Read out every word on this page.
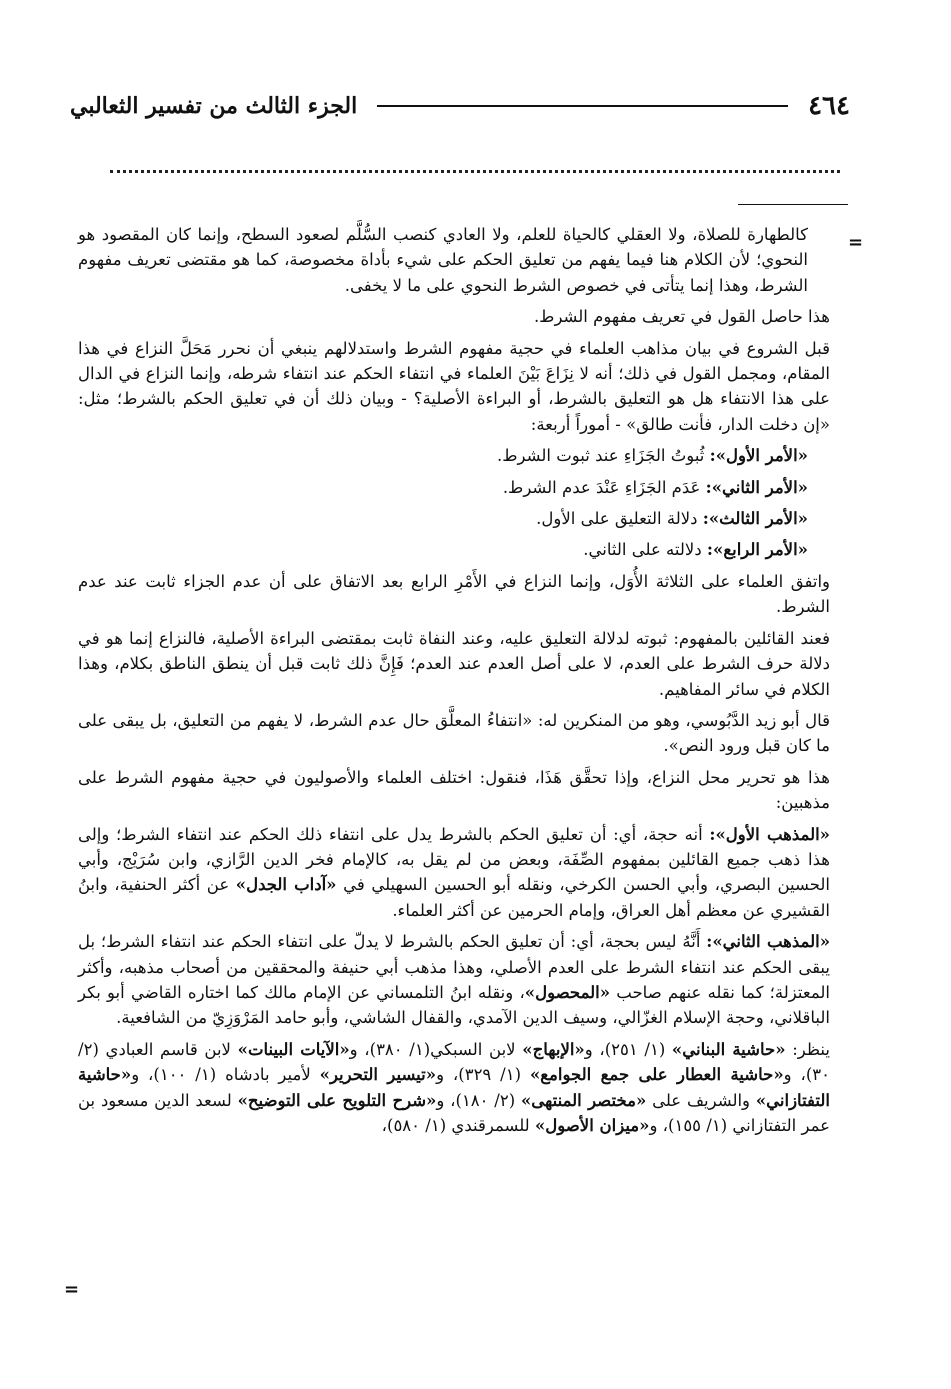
٤٦٤
الجزء الثالث من تفسير الثعالبي
=
=

كالطهارة للصلاة، ولا العقلي كالحياة للعلم، ولا العادي كنصب السُّلَّم لصعود السطح، وإنما كان المقصود هو النحوي؛ لأن الكلام هنا فيما يفهم من تعليق الحكم على شيء بأداة مخصوصة، كما هو مقتضى تعريف مفهوم الشرط، وهذا إنما يتأتى في خصوص الشرط النحوي على ما لا يخفى.

هذا حاصل القول في تعريف مفهوم الشرط.

قبل الشروع في بيان مذاهب العلماء في حجية مفهوم الشرط واستدلالهم ينبغي أن نحرر مَحَلَّ النزاع في هذا المقام، ومجمل القول في ذلك؛ أنه لا نِزَاعَ بَيْنَ العلماء في انتفاء الحكم عند انتفاء شرطه، وإنما النزاع في الدال على هذا الانتفاء هل هو التعليق بالشرط، أو البراءة الأصلية؟ - وبيان ذلك أن في تعليق الحكم بالشرط؛ مثل: «إن دخلت الدار، فأنت طالق» - أموراً أربعة:

«الأمر الأول»: ثُبوتُ الجَزَاءِ عند ثبوت الشرط.

«الأمر الثاني»: عَدَم الجَزَاءِ عَنْدَ عدم الشرط.

«الأمر الثالث»: دلالة التعليق على الأول.

«الأمر الرابع»: دلالته على الثاني.

واتفق العلماء على الثلاثة الأُوَل، وإنما النزاع في الأَمْرِ الرابع بعد الاتفاق على أن عدم الجزاء ثابت عند عدم الشرط.

فعند القائلين بالمفهوم: ثبوته لدلالة التعليق عليه، وعند النفاة ثابت بمقتضى البراءة الأصلية، فالنزاع إنما هو في دلالة حرف الشرط على العدم، لا على أصل العدم عند العدم؛ فَإِنَّ ذلك ثابت قبل أن ينطق الناطق بكلام، وهذا الكلام في سائر المفاهيم.

قال أبو زيد الدَّبُوسي، وهو من المنكرين له: «انتفاءُ المعلَّق حال عدم الشرط، لا يفهم من التعليق، بل يبقى على ما كان قبل ورود النص».

هذا هو تحرير محل النزاع، وإذا تحقَّق هَذَا، فنقول: اختلف العلماء والأصوليون في حجية مفهوم الشرط على مذهبين:

«المذهب الأول»: أنه حجة، أي: أن تعليق الحكم بالشرط يدل على انتفاء ذلك الحكم عند انتفاء الشرط؛ وإلى هذا ذهب جميع القائلين بمفهوم الصِّفَة، وبعض من لم يقل به، كالإمام فخر الدين الرَّازي، وابن سُرَيْج، وأبي الحسين البصري، وأبي الحسن الكرخي، ونقله أبو الحسين السهيلي في «آداب الجدل» عن أكثر الحنفية، وابنُ القشيري عن معظم أهل العراق، وإمام الحرمين عن أكثر العلماء.

«المذهب الثاني»: أَنَّهُ ليس بحجة، أي: أن تعليق الحكم بالشرط لا يدلّ على انتفاء الحكم عند انتفاء الشرط؛ بل يبقى الحكم عند انتفاء الشرط على العدم الأصلي، وهذا مذهب أبي حنيفة والمحققين من أصحاب مذهبه، وأكثر المعتزلة؛ كما نقله عنهم صاحب «المحصول»، ونقله ابنُ التلمساني عن الإمام مالك كما اختاره القاضي أبو بكر الباقلاني، وحجة الإسلام الغزّالي، وسيف الدين الآمدي، والقفال الشاشي، وأبو حامد المَرْوَزِيّ من الشافعية.

ينظر: «حاشية البناني» (١/ ٢٥١)، و«الإبهاج» لابن السبكي(١/ ٣٨٠)، و«الآيات البينات» لابن قاسم العبادي (٢/ ٣٠)، و«حاشية العطار على جمع الجوامع» (١/ ٣٢٩)، و«تيسير التحرير» لأمير بادشاه (١/ ١٠٠)، و«حاشية التفتازاني» والشريف على «مختصر المنتهى» (٢/ ١٨٠)، و«شرح التلويح على التوضيح» لسعد الدين مسعود بن عمر التفتازاني (١/ ١٥٥)، و«ميزان الأصول» للسمرقندي (١/ ٥٨٠)،
